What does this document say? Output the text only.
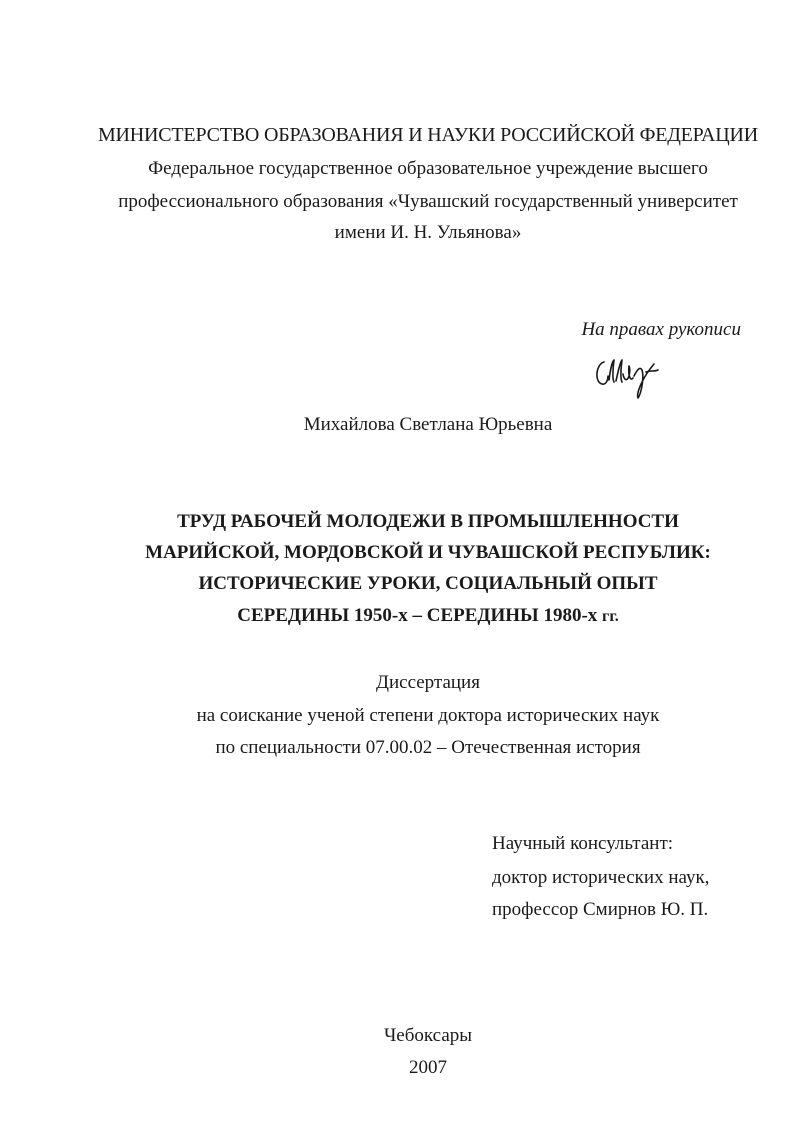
МИНИСТЕРСТВО ОБРАЗОВАНИЯ И НАУКИ РОССИЙСКОЙ ФЕДЕРАЦИИ
Федеральное государственное образовательное учреждение высшего
профессионального образования «Чувашский государственный университет
имени И. Н. Ульянова»
На правах рукописи
Михайлова Светлана Юрьевна
ТРУД РАБОЧЕЙ МОЛОДЕЖИ В ПРОМЫШЛЕННОСТИ
МАРИЙСКОЙ, МОРДОВСКОЙ И ЧУВАШСКОЙ РЕСПУБЛИК:
ИСТОРИЧЕСКИЕ УРОКИ, СОЦИАЛЬНЫЙ ОПЫТ
СЕРЕДИНЫ 1950-х – СЕРЕДИНЫ 1980-х гг.
Диссертация
на соискание ученой степени доктора исторических наук
по специальности 07.00.02 – Отечественная история
Научный консультант:
доктор исторических наук,
профессор Смирнов Ю. П.
Чебоксары
2007
